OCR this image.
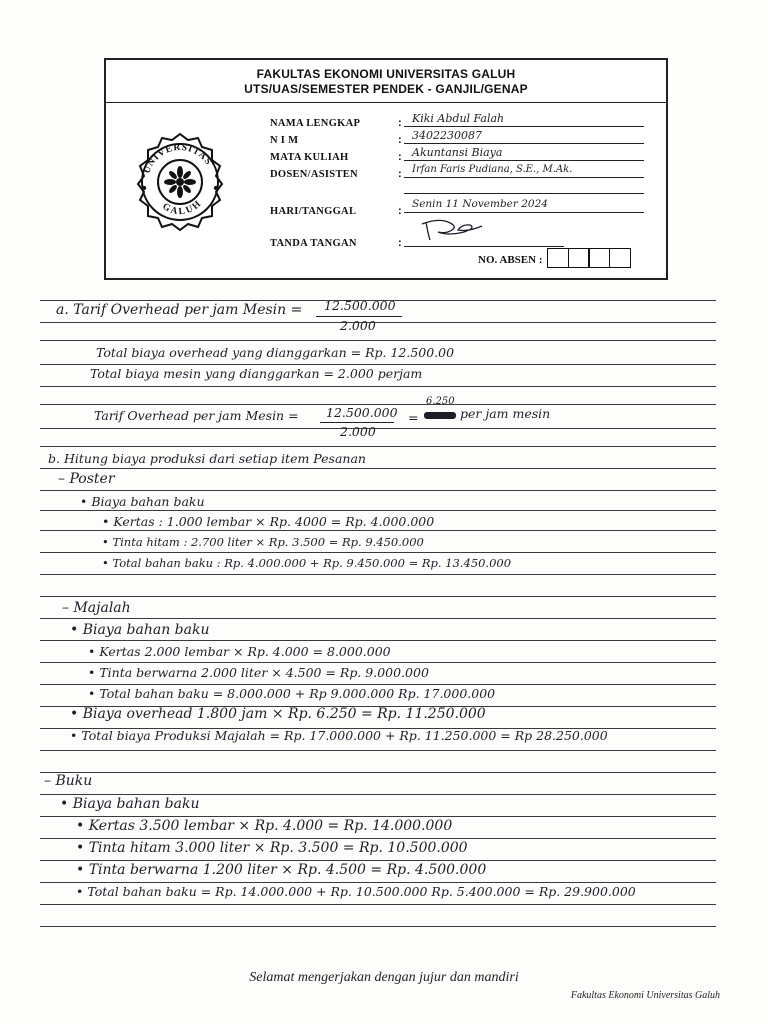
FAKULTAS EKONOMI UNIVERSITAS GALUH
UTS/UAS/SEMESTER PENDEK - GANJIL/GENAP
UNIVERSITAS
GALUH
NAMA LENGKAP	: Kiki Abdul Falah
N I M	: 3402230087
MATA KULIAH	: Akuntansi Biaya
DOSEN/ASISTEN	: Irfan Faris Pudiana, S.E., M.Ak.
HARI/TANGGAL	:
Senin 11 November 2024
TANDA TANGAN	:
NO. ABSEN :
a. Tarif Overhead per jam Mesin = 12.500.000
2.000
Total biaya overhead yang dianggarkan = Rp. 12.500.00
Total biaya mesin yang dianggarkan = 2.000 perjam
Tarif Overhead per jam Mesin = 12.500.000
2.000
=
6.250
per jam mesin
b. Hitung biaya produksi dari setiap item Pesanan
– Poster
• Biaya bahan baku
• Kertas : 1.000 lembar × Rp. 4000 = Rp. 4.000.000
• Tinta hitam : 2.700 liter × Rp. 3.500 = Rp. 9.450.000
• Total bahan baku : Rp. 4.000.000 + Rp. 9.450.000 = Rp. 13.450.000
– Majalah
• Biaya bahan baku
• Kertas 2.000 lembar × Rp. 4.000 = 8.000.000
• Tinta berwarna 2.000 liter × 4.500 = Rp. 9.000.000
• Total bahan baku = 8.000.000 + Rp 9.000.000 Rp. 17.000.000
• Biaya overhead 1.800 jam × Rp. 6.250 = Rp. 11.250.000
• Total biaya Produksi Majalah = Rp. 17.000.000 + Rp. 11.250.000 = Rp 28.250.000
– Buku
• Biaya bahan baku
• Kertas 3.500 lembar × Rp. 4.000 = Rp. 14.000.000
• Tinta hitam 3.000 liter × Rp. 3.500 = Rp. 10.500.000
• Tinta berwarna 1.200 liter × Rp. 4.500 = Rp. 4.500.000
• Total bahan baku = Rp. 14.000.000 + Rp. 10.500.000 Rp. 5.400.000 = Rp. 29.900.000
Selamat mengerjakan dengan jujur dan mandiri
Fakultas Ekonomi Universitas Galuh
